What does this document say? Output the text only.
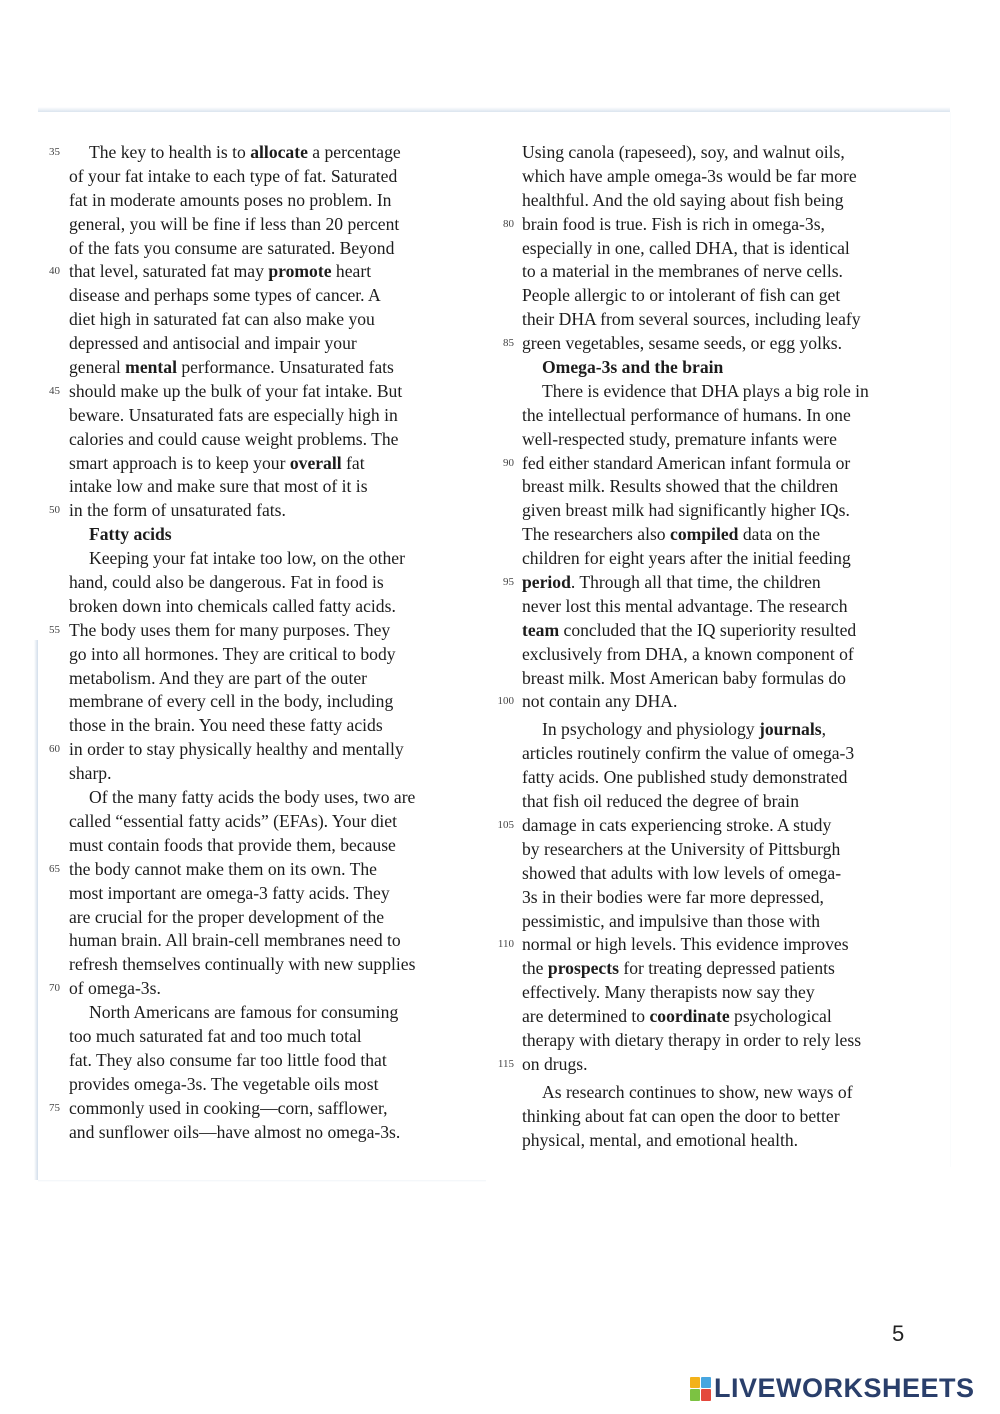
35 The key to health is to allocate a percentage
of your fat intake to each type of fat. Saturated
fat in moderate amounts poses no problem. In
general, you will be fine if less than 20 percent
of the fats you consume are saturated. Beyond
40 that level, saturated fat may promote heart
disease and perhaps some types of cancer. A
diet high in saturated fat can also make you
depressed and antisocial and impair your
general mental performance. Unsaturated fats
45 should make up the bulk of your fat intake. But
beware. Unsaturated fats are especially high in
calories and could cause weight problems. The
smart approach is to keep your overall fat
intake low and make sure that most of it is
50 in the form of unsaturated fats.
Fatty acids
Keeping your fat intake too low, on the other
hand, could also be dangerous. Fat in food is
broken down into chemicals called fatty acids.
55 The body uses them for many purposes. They
go into all hormones. They are critical to body
metabolism. And they are part of the outer
membrane of every cell in the body, including
those in the brain. You need these fatty acids
60 in order to stay physically healthy and mentally
sharp.
Of the many fatty acids the body uses, two are
called “essential fatty acids” (EFAs). Your diet
must contain foods that provide them, because
65 the body cannot make them on its own. The
most important are omega-3 fatty acids. They
are crucial for the proper development of the
human brain. All brain-cell membranes need to
refresh themselves continually with new supplies
70 of omega-3s.
North Americans are famous for consuming
too much saturated fat and too much total
fat. They also consume far too little food that
provides omega-3s. The vegetable oils most
75 commonly used in cooking—corn, safflower,
and sunflower oils—have almost no omega-3s.
Using canola (rapeseed), soy, and walnut oils,
which have ample omega-3s would be far more
healthful. And the old saying about fish being
80 brain food is true. Fish is rich in omega-3s,
especially in one, called DHA, that is identical
to a material in the membranes of nerve cells.
People allergic to or intolerant of fish can get
their DHA from several sources, including leafy
85 green vegetables, sesame seeds, or egg yolks.
Omega-3s and the brain
There is evidence that DHA plays a big role in
the intellectual performance of humans. In one
well-respected study, premature infants were
90 fed either standard American infant formula or
breast milk. Results showed that the children
given breast milk had significantly higher IQs.
The researchers also compiled data on the
children for eight years after the initial feeding
95 period. Through all that time, the children
never lost this mental advantage. The research
team concluded that the IQ superiority resulted
exclusively from DHA, a known component of
breast milk. Most American baby formulas do
100 not contain any DHA.
In psychology and physiology journals,
articles routinely confirm the value of omega-3
fatty acids. One published study demonstrated
that fish oil reduced the degree of brain
105 damage in cats experiencing stroke. A study
by researchers at the University of Pittsburgh
showed that adults with low levels of omega-
3s in their bodies were far more depressed,
pessimistic, and impulsive than those with
110 normal or high levels. This evidence improves
the prospects for treating depressed patients
effectively. Many therapists now say they
are determined to coordinate psychological
therapy with dietary therapy in order to rely less
115 on drugs.
As research continues to show, new ways of
thinking about fat can open the door to better
physical, mental, and emotional health.
5
LIVEWORKSHEETS
